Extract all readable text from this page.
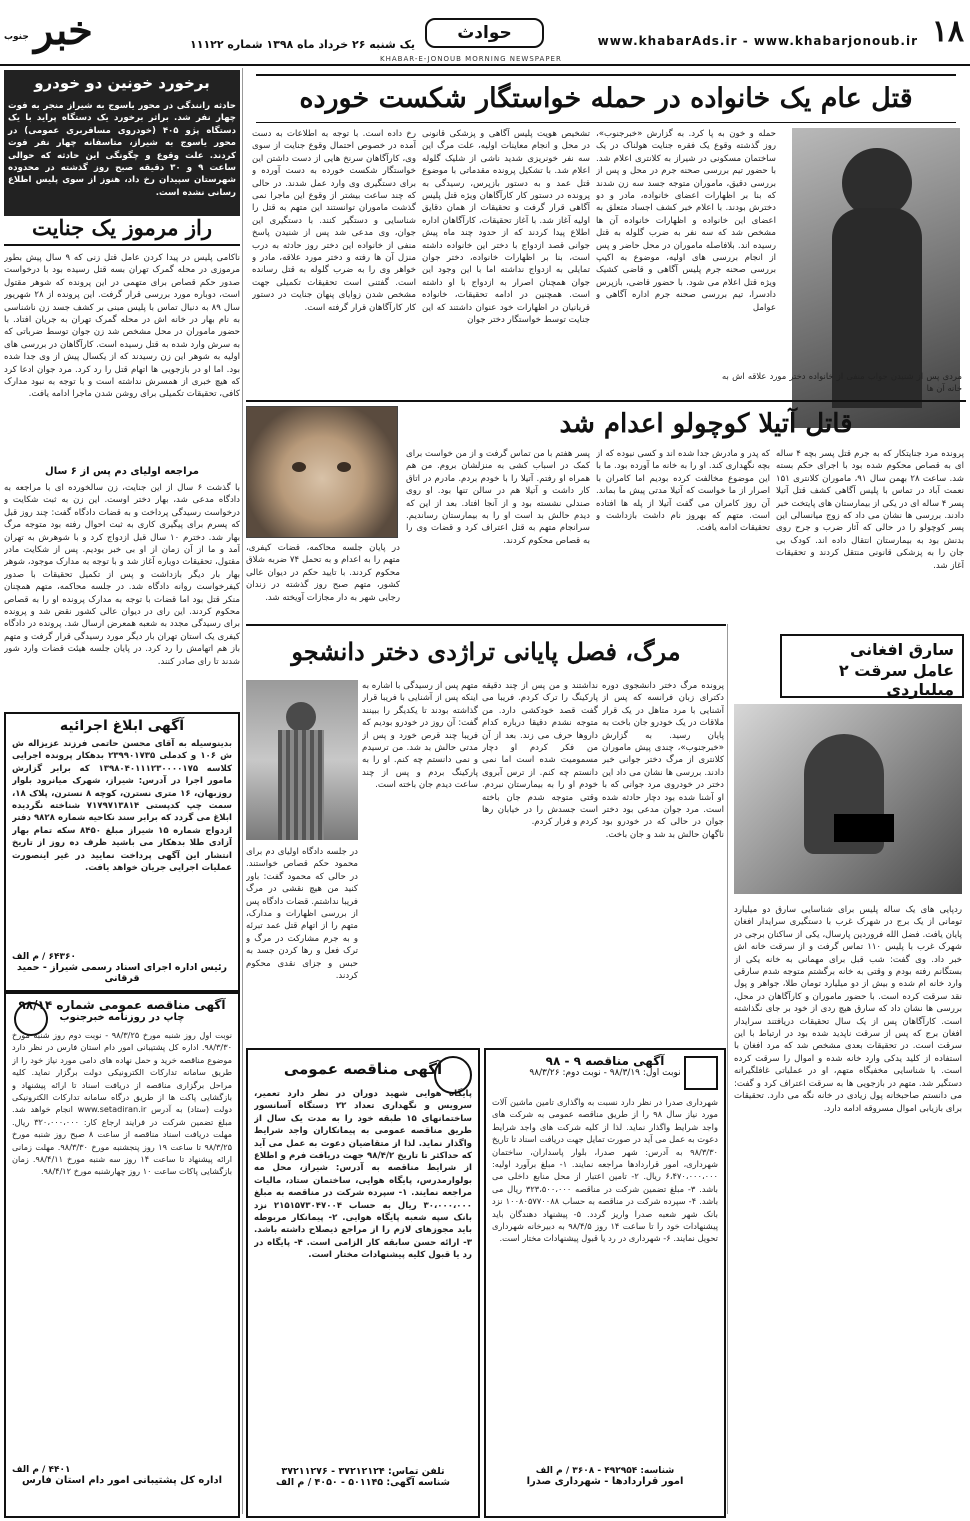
۱۸
www.khabarAds.ir - www.khabarjonoub.ir
حوادث
یک شنبه ۲۶ خرداد ماه ۱۳۹۸ شماره ۱۱۱۲۲
خبر
جنوب
KHABAR-E-JONOUB MORNING NEWSPAPER
قتل عام یک خانواده در حمله خواستگار شکست خورده
حمله و خون به پا کرد. به گزارش «خبرجنوب»، روز گذشته وقوع یک فقره جنایت هولناک در یک ساختمان مسکونی در شیراز به کلانتری اعلام شد. با حضور تیم بررسی صحنه جرم در محل و پس از بررسی دقیق، ماموران متوجه جسد سه زن شدند که بنا بر اظهارات اعضای خانواده، مادر و دو دخترش بودند. با اعلام خبر کشف اجساد متعلق به اعضای این خانواده و اظهارات خانواده آن ها مشخص شد که سه نفر به ضرب گلوله به قتل رسیده اند. بلافاصله ماموران در محل حاضر و پس از انجام بررسی های اولیه، موضوع به اکیپ بررسی صحنه جرم پلیس آگاهی و قاضی کشیک ویژه قتل اعلام می شود. با حضور قاضی، بازپرس دادسرا، تیم بررسی صحنه جرم اداره آگاهی و عوامل
تشخیص هویت پلیس آگاهی و پزشکی قانونی در محل و انجام معاینات اولیه، علت مرگ این سه نفر خونریزی شدید ناشی از شلیک گلوله اعلام شد. با تشکیل پرونده مقدماتی با موضوع قتل عمد و به دستور بازپرس، رسیدگی به پرونده در دستور کار کارآگاهان ویژه قتل پلیس آگاهی قرار گرفت و تحقیقات از همان دقایق اولیه آغاز شد. با آغاز تحقیقات، کارآگاهان اداره اطلاع پیدا کردند که از حدود چند ماه پیش جوانی قصد ازدواج با دختر این خانواده داشته است، بنا بر اظهارات خانواده، دختر جوان تمایلی به ازدواج نداشته اما با این وجود این جوان همچنان اصرار به ازدواج با او داشته است. همچنین در ادامه تحقیقات، خانواده قربانیان در اظهارات خود عنوان داشتند که این جنایت توسط خواستگار دختر جوان
رخ داده است. با توجه به اطلاعات به دست آمده در خصوص احتمال وقوع جنایت از سوی وی، کارآگاهان سرنخ هایی از دست داشتن این خواستگار شکست خورده به دست آورده و برای دستگیری وی وارد عمل شدند. در حالی که چند ساعت بیشتر از وقوع این ماجرا نمی گذشت ماموران توانستند این متهم به قتل را شناسایی و دستگیر کنند. با دستگیری این جوان، وی مدعی شد پس از شنیدن پاسخ منفی از خانواده این دختر روز حادثه به درب منزل آن ها رفته و دختر مورد علاقه، مادر و خواهر وی را به ضرب گلوله به قتل رسانده است. گفتنی است تحقیقات تکمیلی جهت مشخص شدن زوایای پنهان جنایت در دستور کار کارآگاهان قرار گرفته است.
مردی پس از شنیدن جواب منفی از خانواده دختر مورد علاقه اش به خانه آن ها
برخورد خونین دو خودرو
حادثه رانندگی در محور یاسوج به شیراز منجر به فوت چهار نفر شد. براثر برخورد یک دستگاه پراید با یک دستگاه پژو ۴۰۵ (خودروی مسافربری عمومی) در محور یاسوج به شیراز، متاسفانه چهار نفر فوت کردند. علت وقوع و چگونگی این حادثه که حوالی ساعت ۹ و ۳۰ دقیقه صبح روز گذشته در محدوده شهرستان سپیدان رخ داد، هنوز از سوی پلیس اطلاع رسانی نشده است.
راز مرموز یک جنایت
ناکامی پلیس در پیدا کردن عامل قتل زنی که ۹ سال پیش بطور مرموزی در محله گمرک تهران بسه قتل رسیده بود با درخواست صدور حکم قصاص برای متهمی در این پرونده که شوهر مقتول است، دوباره مورد بررسی قرار گرفت. این پرونده از ۲۸ شهریور سال ۸۹ به دنبال تماس با پلیس مبنی بر کشف جسد زن ناشناسی به نام بهار در خانه اش در محله گمرک تهران به جریان افتاد. با حضور ماموران در محل مشخص شد زن جوان توسط ضرباتی که به سرش وارد شده به قتل رسیده است. کارآگاهان در بررسی های اولیه به شوهر این زن رسیدند که از یکسال پیش از وی جدا شده بود. اما او در بازجویی ها اتهام قتل را رد کرد. مرد جوان ادعا کرد که هیچ خبری از همسرش نداشته است و با توجه به نبود مدارک کافی، تحقیقات تکمیلی برای روشن شدن ماجرا ادامه یافت.
مراجعه اولیای دم پس از ۶ سال
با گذشت ۶ سال از این جنایت، زن سالخورده ای با مراجعه به دادگاه مدعی شد، بهار دختر اوست. این زن به ثبت شکایت و درخواست رسیدگی پرداخت و به قضات دادگاه گفت: چند روز قبل که پسرم برای پیگیری کاری به ثبت احوال رفته بود متوجه مرگ بهار شد. دخترم ۱۰ سال قبل ازدواج کرد و با شوهرش به تهران آمد و ما از آن زمان از او بی خبر بودیم. پس از شکایت مادر مقتول، تحقیقات دوباره آغاز شد و با توجه به مدارک موجود، شوهر بهار بار دیگر بازداشت و پس از تکمیل تحقیقات با صدور کیفرخواست روانه دادگاه شد. در جلسه محاکمه، متهم همچنان منکر قتل بود اما قضات با توجه به مدارک پرونده او را به قصاص محکوم کردند. این رای در دیوان عالی کشور نقض شد و پرونده برای رسیدگی مجدد به شعبه همعرض ارسال شد. پرونده در دادگاه کیفری یک استان تهران بار دیگر مورد رسیدگی قرار گرفت و متهم باز هم اتهامش را رد کرد. در پایان جلسه هیئت قضات وارد شور شدند تا رای صادر کنند.
قاتل آتیلا کوچولو اعدام شد
پرونده مرد جنایتکار که به جرم قتل پسر بچه ۴ ساله ای به قصاص محکوم شده بود با اجرای حکم بسته شد. ساعت ۲۸ بهمن سال ۹۱، ماموران کلانتری ۱۵۱ نعمت آباد در تماس با پلیس آگاهی کشف قتل آتیلا پسر ۴ ساله ای در یکی از بیمارستان های پایتخت خبر دادند. بررسی ها نشان می داد که زوج میانسالی این پسر کوچولو را در حالی که آثار ضرب و جرح روی بدنش بود به بیمارستان انتقال داده اند. کودک بی جان را به پزشکی قانونی منتقل کردند و تحقیقات آغاز شد.
که پدر و مادرش جدا شده اند و کسی نبوده که از بچه نگهداری کند. او را به خانه ما آورده بود. ما با این موضوع مخالفت کرده بودیم اما کامران با اصرار از ما خواست که آتیلا مدتی پیش ما بماند. آن روز کامران می گفت آتیلا از پله ها افتاده است. متهم که بهروز نام داشت بازداشت و تحقیقات ادامه یافت.
پسر هفتم با من تماس گرفت و از من خواست برای کمک در اسباب کشی به منزلشان بروم. من هم همراه او رفتم. آتیلا را با خودم بردم. مادرم در اتاق کار داشت و آتیلا هم در سالن تنها بود. او روی صندلی نشسته بود و از آنجا افتاد. بعد از این که دیدم حالش بد است او را به بیمارستان رساندیم. سرانجام متهم به قتل اعتراف کرد و قضات وی را به قصاص محکوم کردند.
در پایان جلسه محاکمه، قضات کیفری، متهم را به اعدام و به تحمل ۷۴ ضربه شلاق محکوم کردند. با تایید حکم در دیوان عالی کشور، متهم صبح روز گذشته در زندان رجایی شهر به دار مجازات آویخته شد.
مرگ، فصل پایانی تراژدی دختر دانشجو
پرونده مرگ دختر دانشجوی دوره دکترای زبان فرانسه که پس از آشنایی با مرد متاهل در یک قرار ملاقات در یک خودرو جان باخت به پایان رسید. به گزارش «خبرجنوب»، چندی پیش ماموران کلانتری از مرگ دختر جوانی خبر دادند. بررسی ها نشان می داد این دختر در خودروی مرد جوانی که با او آشنا شده بود دچار حادثه شده است. مرد جوان مدعی بود دختر جوان در حالی که در خودرو بود ناگهان حالش بد شد و جان باخت.
نداشتند و من پس از چند دقیقه پارکینگ را ترک کردم. فریبا می گفت قصد خودکشی دارد. من متوجه نشدم دقیقا درباره کدام داروها حرف می زند. بعد از آن من فکر کردم او دچار مسمومیت شده است اما نمی دانستم چه کنم. از ترس آبروی خودم او را به بیمارستان نبردم. وقتی متوجه شدم جان باخته است جسدش را در خیابان رها کردم و فرار کردم.
متهم پس از رسیدگی با اشاره به اینکه پس از آشنایی با فریبا قرار گذاشته بودند تا یکدیگر را ببینند گفت: آن روز در خودرو بودیم که فریبا چند قرص خورد و پس از مدتی حالش بد شد. من ترسیدم و نمی دانستم چه کنم. او را به پارکینگ بردم و پس از چند ساعت دیدم جان باخته است.
در جلسه دادگاه اولیای دم برای محمود حکم قصاص خواستند. در حالی که محمود گفت: باور کنید من هیچ نقشی در مرگ فریبا نداشتم. قضات دادگاه پس از بررسی اظهارات و مدارک، متهم را از اتهام قتل عمد تبرئه و به جرم مشارکت در مرگ و ترک فعل و رها کردن جسد به حبس و جزای نقدی محکوم کردند.
سارق افغانی
عامل سرقت ۲ میلیاردی
ردپایی های یک ساله پلیس برای شناسایی سارق دو میلیارد تومانی از یک برج در شهرک غرب با دستگیری سرایدار افغان پایان یافت. فضل الله فروردین پارسال، یکی از ساکنان برجی در شهرک غرب با پلیس ۱۱۰ تماس گرفت و از سرقت خانه اش خبر داد. وی گفت: شب قبل برای مهمانی به خانه یکی از بستگانم رفته بودم و وقتی به خانه برگشتم متوجه شدم سارقی وارد خانه ام شده و بیش از دو میلیارد تومان طلا، جواهر و پول نقد سرقت کرده است. با حضور ماموران و کارآگاهان در محل، بررسی ها نشان داد که سارق هیچ ردی از خود بر جای نگذاشته است. کارآگاهان پس از یک سال تحقیقات دریافتند سرایدار افغان برج که پس از سرقت ناپدید شده بود در ارتباط با این سرقت است. در تحقیقات بعدی مشخص شد که مرد افغان با استفاده از کلید یدکی وارد خانه شده و اموال را سرقت کرده است. با شناسایی مخفیگاه متهم، او در عملیاتی غافلگیرانه دستگیر شد. متهم در بازجویی ها به سرقت اعتراف کرد و گفت: می دانستم صاحبخانه پول زیادی در خانه نگه می دارد. تحقیقات برای بازیابی اموال مسروقه ادامه دارد.
آگهی ابلاغ اجرائیه
بدینوسیله به آقای محسن حاتمی فرزند عزیزاله ش ش ۱۰۶ و کدملی ۲۳۹۹۰۱۷۳۵ بدهکار پرونده اجرایی کلاسه ۱۳۹۸۰۴۰۱۱۱۲۳۰۰۰۰۱۷۵ که برابر گزارش مامور اجرا در آدرس: شیراز، شهرک میانرود بلوار روزبهان، ۱۶ متری نسترن، کوچه ۸ نسترن، پلاک ۱۸، سمت چپ کدپستی ۷۱۷۹۷۱۳۸۱۴ شناخته نگردیده ابلاغ می گردد که برابر سند نکاحیه شماره ۹۸۲۸ دفتر ازدواج شماره ۱۵ شیراز مبلغ ۸۴۵۰ سکه تمام بهار آزادی طلا بدهکار می باشید ظرف ده روز از تاریخ انتشار این آگهی پرداخت نمایید در غیر اینصورت عملیات اجرایی جریان خواهد یافت.
۶۴۳۶۰ / م الف
رئیس اداره اجرای اسناد رسمی شیراز - حمید قرقانی
آگهی مناقصه عمومی شماره ۹۸/۱۴
چاپ در روزنامه خبرجنوب
نوبت اول روز شنبه مورخ ۹۸/۳/۲۵ - نوبت دوم روز شنبه مورخ ۹۸/۳/۳۰. اداره کل پشتیبانی امور دام استان فارس در نظر دارد موضوع مناقصه خرید و حمل نهاده های دامی مورد نیاز خود را از طریق سامانه تدارکات الکترونیکی دولت برگزار نماید. کلیه مراحل برگزاری مناقصه از دریافت اسناد تا ارائه پیشنهاد و بازگشایی پاکت ها از طریق درگاه سامانه تدارکات الکترونیکی دولت (ستاد) به آدرس www.setadiran.ir انجام خواهد شد. مبلغ تضمین شرکت در فرایند ارجاع کار: ۳۲۰،۰۰۰،۰۰۰ ریال. مهلت دریافت اسناد مناقصه از ساعت ۸ صبح روز شنبه مورخ ۹۸/۳/۲۵ تا ساعت ۱۹ روز پنجشنبه مورخ ۹۸/۳/۳۰. مهلت زمانی ارائه پیشنهاد تا ساعت ۱۴ روز سه شنبه مورخ ۹۸/۴/۱۱. زمان بازگشایی پاکات ساعت ۱۰ روز چهارشنبه مورخ ۹۸/۴/۱۲.
۴۴۰۱ / م الف
اداره کل پشتیبانی امور دام استان فارس
آگهی مناقصه عمومی
پایگاه هوایی شهید دوران در نظر دارد تعمیر، سرویس و نگهداری تعداد ۲۲ دستگاه آسانسور ساختمانهای ۱۵ طبقه خود را به مدت یک سال از طریق مناقصه عمومی به پیمانکاران واجد شرایط واگذار نماید. لذا از متقاضیان دعوت به عمل می آید که حداکثر تا تاریخ ۹۸/۴/۲ جهت دریافت فرم و اطلاع از شرایط مناقصه به آدرس: شیراز، محل مه بولوارمدرس، پایگاه هوایی، ساختمان ستاد، مالیات مراجعه نمایند. ۱- سپرده شرکت در مناقصه به مبلغ ۳۰،۰۰۰،۰۰۰ ریال به حساب ۲۱۵۱۵۷۳۰۴۷۰۰۴ نزد بانک سپه شعبه پایگاه هوایی. ۲- پیمانکار مربوطه باید مجوزهای لازم را از مراجع ذیصلاح داشته باشد. ۳- ارائه حسن سابقه کار الزامی است. ۴- پایگاه در رد یا قبول کلیه پیشنهادات مختار است.
تلفن تماس: ۳۷۲۱۲۱۲۴ - ۳۷۲۱۱۲۷۶
شناسه آگهی: ۵۰۱۱۴۵ - ۴۰۵۰ / م الف
آگهی مناقصه ۹ - ۹۸
نوبت اول: ۹۸/۳/۱۹ - نوبت دوم: ۹۸/۳/۲۶
شهرداری صدرا در نظر دارد نسبت به واگذاری تامین ماشین آلات مورد نیاز سال ۹۸ را از طریق مناقصه عمومی به شرکت های واجد شرایط واگذار نماید. لذا از کلیه شرکت های واجد شرایط دعوت به عمل می آید در صورت تمایل جهت دریافت اسناد تا تاریخ ۹۸/۳/۳۰ به آدرس: شهر صدرا، بلوار پاسداران، ساختمان شهرداری، امور قراردادها مراجعه نمایند. ۱- مبلغ برآورد اولیه: ۶،۴۷۰،۰۰۰،۰۰۰ ریال. ۲- تامین اعتبار از محل منابع داخلی می باشد. ۳- مبلغ تضمین شرکت در مناقصه ۳۲۳،۵۰۰،۰۰۰ ریال می باشد. ۴- سپرده شرکت در مناقصه به حساب ۱۰۰۸۰۵۷۷۰۰۸۸ نزد بانک شهر شعبه صدرا واریز گردد. ۵- پیشنهاد دهندگان باید پیشنهادات خود را تا ساعت ۱۴ روز ۹۸/۴/۵ به دبیرخانه شهرداری تحویل نمایند. ۶- شهرداری در رد یا قبول پیشنهادات مختار است.
شناسه: ۴۹۲۹۵۴ - ۳۶۰۸ / م الف
امور قراردادها - شهرداری صدرا
